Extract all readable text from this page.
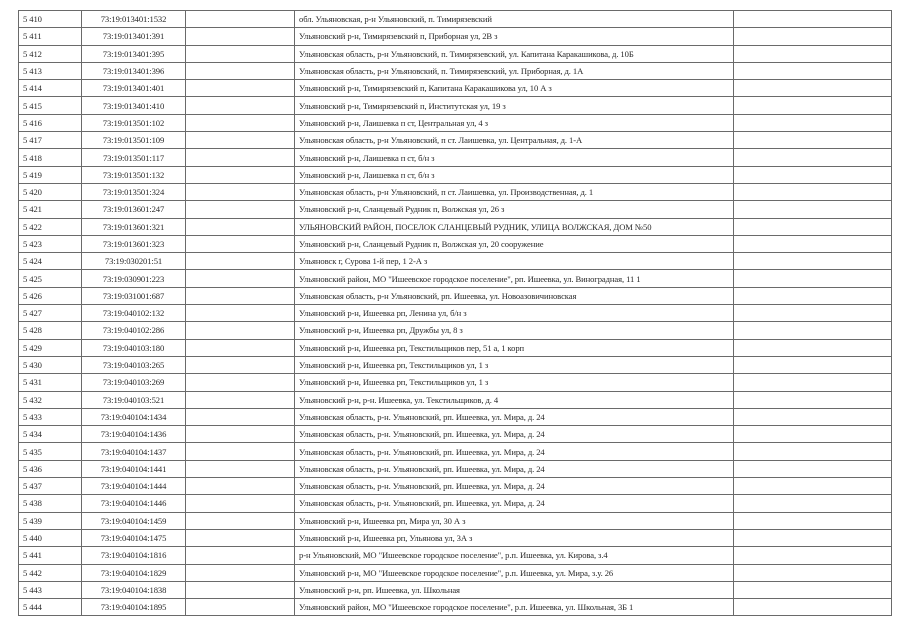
5 410	73:19:013401:1532		обл. Ульяновская, р-н Ульяновский, п. Тимирязевский	
5 411	73:19:013401:391		Ульяновский р-н, Тимирязевский п, Приборная ул, 2В з	
5 412	73:19:013401:395		Ульяновская область, р-н Ульяновский, п. Тимирязевский, ул. Капитана Каракашикова, д. 10Б	
5 413	73:19:013401:396		Ульяновская область, р-н Ульяновский, п. Тимирязевский, ул. Приборная, д. 1А	
5 414	73:19:013401:401		Ульяновский р-н, Тимирязевский п, Капитана Каракашикова ул, 10 А з	
5 415	73:19:013401:410		Ульяновский р-н, Тимирязевский п, Институтская ул, 19 з	
5 416	73:19:013501:102		Ульяновский р-н, Лаишевка п ст, Центральная ул, 4 з	
5 417	73:19:013501:109		Ульяновская область, р-н Ульяновский, п ст. Лаишевка, ул. Центральная, д. 1-А	
5 418	73:19:013501:117		Ульяновский р-н, Лаишевка п ст, б/н з	
5 419	73:19:013501:132		Ульяновский р-н, Лаишевка п ст, б/н з	
5 420	73:19:013501:324		Ульяновская область, р-н Ульяновский, п ст. Лаишевка, ул. Производственная, д. 1	
5 421	73:19:013601:247		Ульяновский р-н, Сланцевый Рудник п, Волжская ул, 26 з	
5 422	73:19:013601:321		УЛЬЯНОВСКИЙ РАЙОН, ПОСЕЛОК СЛАНЦЕВЫЙ РУДНИК, УЛИЦА ВОЛЖСКАЯ, ДОМ №50	
5 423	73:19:013601:323		Ульяновский р-н, Сланцевый Рудник п, Волжская ул, 20 сооружение	
5 424	73:19:030201:51		Ульяновск г, Сурова 1-й пер, 1 2-А з	
5 425	73:19:030901:223		Ульяновский район, МО "Ишеевское городское поселение", рп. Ишеевка, ул. Виноградная, 11 1	
5 426	73:19:031001:687		Ульяновская область, р-н Ульяновский, рп. Ишеевка, ул. Новоазовичиновская	
5 427	73:19:040102:132		Ульяновский р-н, Ишеевка рп, Ленина ул, б/н з	
5 428	73:19:040102:286		Ульяновский р-н, Ишеевка рп, Дружбы ул, 8 з	
5 429	73:19:040103:180		Ульяновский р-н, Ишеевка рп, Текстильщиков пер, 51 а, 1 корп	
5 430	73:19:040103:265		Ульяновский р-н, Ишеевка рп, Текстильщиков ул, 1 з	
5 431	73:19:040103:269		Ульяновский р-н, Ишеевка рп, Текстильщиков ул, 1 з	
5 432	73:19:040103:521		Ульяновский р-н, р-н. Ишеевка, ул. Текстильщиков, д. 4	
5 433	73:19:040104:1434		Ульяновская область, р-н. Ульяновский, рп. Ишеевка, ул. Мира, д. 24	
5 434	73:19:040104:1436		Ульяновская область, р-н. Ульяновский, рп. Ишеевка, ул. Мира, д. 24	
5 435	73:19:040104:1437		Ульяновская область, р-н. Ульяновский, рп. Ишеевка, ул. Мира, д. 24	
5 436	73:19:040104:1441		Ульяновская область, р-н. Ульяновский, рп. Ишеевка, ул. Мира, д. 24	
5 437	73:19:040104:1444		Ульяновская область, р-н. Ульяновский, рп. Ишеевка, ул. Мира, д. 24	
5 438	73:19:040104:1446		Ульяновская область, р-н. Ульяновский, рп. Ишеевка, ул. Мира, д. 24	
5 439	73:19:040104:1459		Ульяновский р-н, Ишеевка рп, Мира ул, 30 А з	
5 440	73:19:040104:1475		Ульяновский р-н, Ишеевка рп, Ульянова ул, 3А з	
5 441	73:19:040104:1816		р-н Ульяновский, МО "Ишеевское городское поселение", р.п. Ишеевка, ул. Кирова, з.4	
5 442	73:19:040104:1829		Ульяновский р-н, МО "Ишеевское городское поселение", р.п. Ишеевка, ул. Мира, з.у. 26	
5 443	73:19:040104:1838		Ульяновский р-н, рп. Ишеевка, ул. Школьная	
5 444	73:19:040104:1895		Ульяновский район, МО "Ишеевское городское поселение", р.п. Ишеевка, ул. Школьная, 3Б 1	
